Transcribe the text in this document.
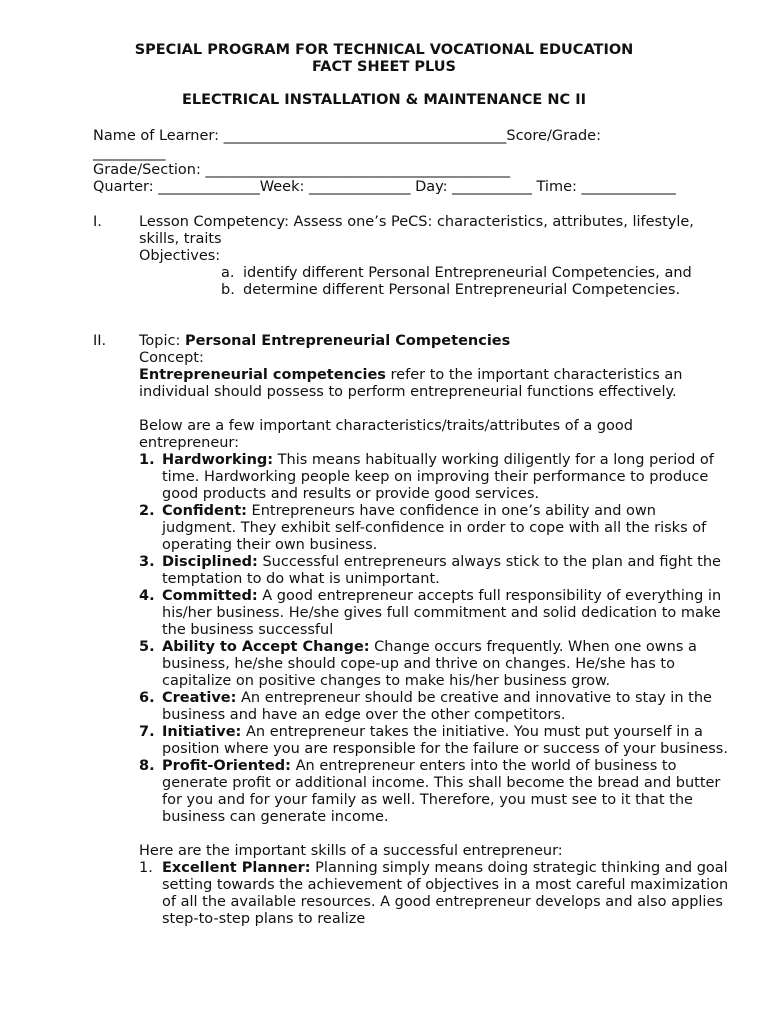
SPECIAL PROGRAM FOR TECHNICAL VOCATIONAL EDUCATION
FACT SHEET PLUS
ELECTRICAL INSTALLATION & MAINTENANCE NC II
Name of Learner: _______________________________________Score/Grade:
__________
Grade/Section: __________________________________________
Quarter: ______________Week: ______________ Day: ___________ Time: _____________
I.	Lesson Competency: Assess one’s PeCS: characteristics, attributes, lifestyle, skills, traits
Objectives:
a. identify different Personal Entrepreneurial Competencies, and
b. determine different Personal Entrepreneurial Competencies.
II. Topic: Personal Entrepreneurial Competencies
Concept:
Entrepreneurial competencies refer to the important characteristics an individual should possess to perform entrepreneurial functions effectively.
Below are a few important characteristics/traits/attributes of a good entrepreneur:
1. Hardworking: This means habitually working diligently for a long period of time. Hardworking people keep on improving their performance to produce good products and results or provide good services.
2. Confident: Entrepreneurs have confidence in one’s ability and own judgment. They exhibit self-confidence in order to cope with all the risks of operating their own business.
3. Disciplined: Successful entrepreneurs always stick to the plan and fight the temptation to do what is unimportant.
4. Committed: A good entrepreneur accepts full responsibility of everything in his/her business. He/she gives full commitment and solid dedication to make the business successful
5. Ability to Accept Change: Change occurs frequently. When one owns a business, he/she should cope-up and thrive on changes. He/she has to capitalize on positive changes to make his/her business grow.
6. Creative: An entrepreneur should be creative and innovative to stay in the business and have an edge over the other competitors.
7. Initiative: An entrepreneur takes the initiative. You must put yourself in a position where you are responsible for the failure or success of your business.
8. Profit-Oriented: An entrepreneur enters into the world of business to generate profit or additional income. This shall become the bread and butter for you and for your family as well. Therefore, you must see to it that the business can generate income.
Here are the important skills of a successful entrepreneur:
1. Excellent Planner: Planning simply means doing strategic thinking and goal setting towards the achievement of objectives in a most careful maximization of all the available resources. A good entrepreneur develops and also applies step-to-step plans to realize
